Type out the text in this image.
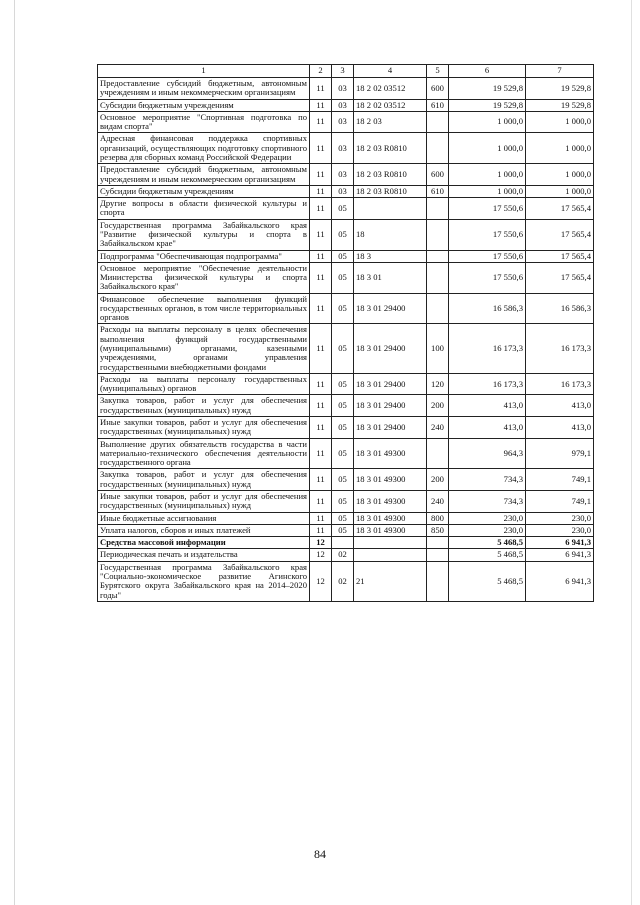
1	2	3	4	5	6	7
Предоставление субсидий бюджетным, автономным учреждениям и иным некоммерческим организациям	11	03	18 2 02 03512	600	19 529,8	19 529,8
Субсидии бюджетным учреждениям	11	03	18 2 02 03512	610	19 529,8	19 529,8
Основное мероприятие "Спортивная подготовка по видам спорта"	11	03	18 2 03		1 000,0	1 000,0
Адресная финансовая поддержка спортивных организаций, осуществляющих подготовку спортивного резерва для сборных команд Российской Федерации	11	03	18 2 03 R0810		1 000,0	1 000,0
Предоставление субсидий бюджетным, автономным учреждениям и иным некоммерческим организациям	11	03	18 2 03 R0810	600	1 000,0	1 000,0
Субсидии бюджетным учреждениям	11	03	18 2 03 R0810	610	1 000,0	1 000,0
Другие вопросы в области физической культуры и спорта	11	05			17 550,6	17 565,4
Государственная программа Забайкальского края "Развитие физической культуры и спорта в Забайкальском крае"	11	05	18		17 550,6	17 565,4
Подпрограмма "Обеспечивающая подпрограмма"	11	05	18 3		17 550,6	17 565,4
Основное мероприятие "Обеспечение деятельности Министерства физической культуры и спорта Забайкальского края"	11	05	18 3 01		17 550,6	17 565,4
Финансовое обеспечение выполнения функций государственных органов, в том числе территориальных органов	11	05	18 3 01 29400		16 586,3	16 586,3
Расходы на выплаты персоналу в целях обеспечения выполнения функций государственными (муниципальными) органами, казенными учреждениями, органами управления государственными внебюджетными фондами	11	05	18 3 01 29400	100	16 173,3	16 173,3
Расходы на выплаты персоналу государственных (муниципальных) органов	11	05	18 3 01 29400	120	16 173,3	16 173,3
Закупка товаров, работ и услуг для обеспечения государственных (муниципальных) нужд	11	05	18 3 01 29400	200	413,0	413,0
Иные закупки товаров, работ и услуг для обеспечения государственных (муниципальных) нужд	11	05	18 3 01 29400	240	413,0	413,0
Выполнение других обязательств государства в части материально-технического обеспечения деятельности государственного органа	11	05	18 3 01 49300		964,3	979,1
Закупка товаров, работ и услуг для обеспечения государственных (муниципальных) нужд	11	05	18 3 01 49300	200	734,3	749,1
Иные закупки товаров, работ и услуг для обеспечения государственных (муниципальных) нужд	11	05	18 3 01 49300	240	734,3	749,1
Иные бюджетные ассигнования	11	05	18 3 01 49300	800	230,0	230,0
Уплата налогов, сборов и иных платежей	11	05	18 3 01 49300	850	230,0	230,0
Средства массовой информации	12				5 468,5	6 941,3
Периодическая печать и издательства	12	02			5 468,5	6 941,3
Государственная программа Забайкальского края "Социально-экономическое развитие Агинского Бурятского округа Забайкальского края на 2014–2020 годы"	12	02	21		5 468,5	6 941,3
84
